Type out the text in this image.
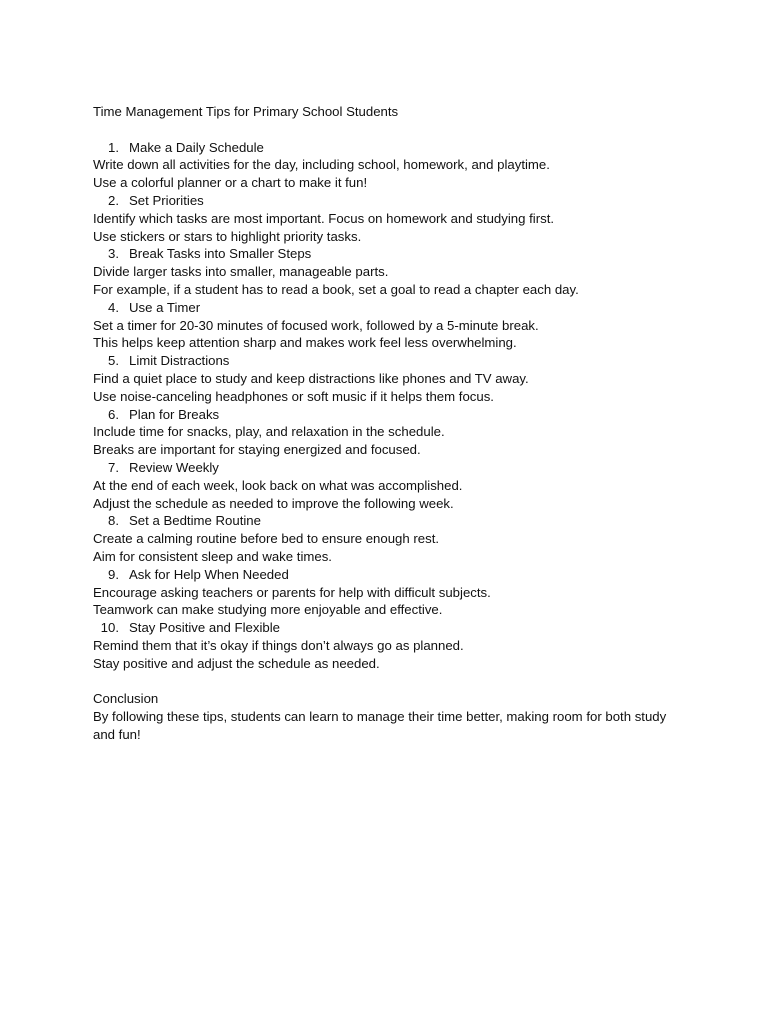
Time Management Tips for Primary School Students
1. Make a Daily Schedule
Write down all activities for the day, including school, homework, and playtime.
Use a colorful planner or a chart to make it fun!
2. Set Priorities
Identify which tasks are most important. Focus on homework and studying first.
Use stickers or stars to highlight priority tasks.
3. Break Tasks into Smaller Steps
Divide larger tasks into smaller, manageable parts.
For example, if a student has to read a book, set a goal to read a chapter each day.
4. Use a Timer
Set a timer for 20-30 minutes of focused work, followed by a 5-minute break.
This helps keep attention sharp and makes work feel less overwhelming.
5. Limit Distractions
Find a quiet place to study and keep distractions like phones and TV away.
Use noise-canceling headphones or soft music if it helps them focus.
6. Plan for Breaks
Include time for snacks, play, and relaxation in the schedule.
Breaks are important for staying energized and focused.
7. Review Weekly
At the end of each week, look back on what was accomplished.
Adjust the schedule as needed to improve the following week.
8. Set a Bedtime Routine
Create a calming routine before bed to ensure enough rest.
Aim for consistent sleep and wake times.
9. Ask for Help When Needed
Encourage asking teachers or parents for help with difficult subjects.
Teamwork can make studying more enjoyable and effective.
10. Stay Positive and Flexible
Remind them that it’s okay if things don’t always go as planned.
Stay positive and adjust the schedule as needed.
Conclusion
By following these tips, students can learn to manage their time better, making room for both study and fun!
